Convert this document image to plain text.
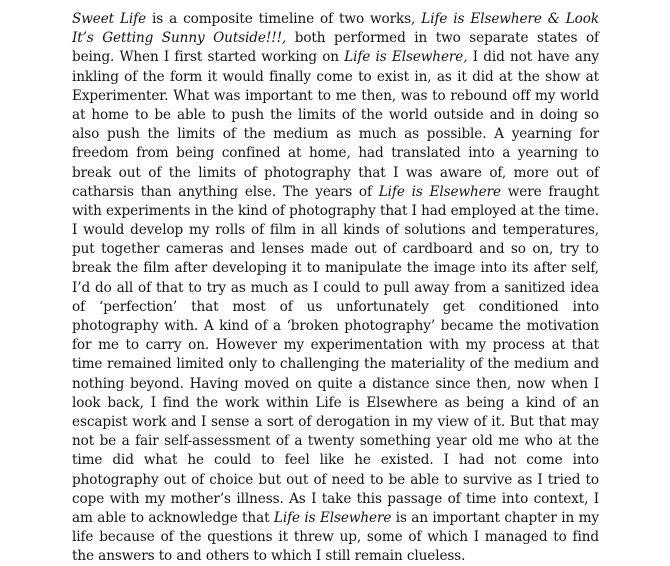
Sweet Life is a composite timeline of two works, Life is Elsewhere & Look It’s Getting Sunny Outside!!!, both performed in two separate states of being. When I first started working on Life is Elsewhere, I did not have any inkling of the form it would finally come to exist in, as it did at the show at Experimenter. What was important to me then, was to rebound off my world at home to be able to push the limits of the world outside and in doing so also push the limits of the medium as much as possible. A yearning for freedom from being confined at home, had translated into a yearning to break out of the limits of photography that I was aware of, more out of catharsis than anything else. The years of Life is Elsewhere were fraught with experiments in the kind of photography that I had employed at the time. I would develop my rolls of film in all kinds of solutions and temperatures, put together cameras and lenses made out of cardboard and so on, try to break the film after developing it to manipulate the image into its after self, I’d do all of that to try as much as I could to pull away from a sanitized idea of ‘perfection’ that most of us unfortunately get conditioned into photography with. A kind of a ‘broken photography’ became the motivation for me to carry on. However my experimentation with my process at that time remained limited only to challenging the materiality of the medium and nothing beyond. Having moved on quite a distance since then, now when I look back, I find the work within Life is Elsewhere as being a kind of an escapist work and I sense a sort of derogation in my view of it. But that may not be a fair self-assessment of a twenty something year old me who at the time did what he could to feel like he existed. I had not come into photography out of choice but out of need to be able to survive as I tried to cope with my mother’s illness. As I take this passage of time into context, I am able to acknowledge that Life is Elsewhere is an important chapter in my life because of the questions it threw up, some of which I managed to find the answers to and others to which I still remain clueless.
